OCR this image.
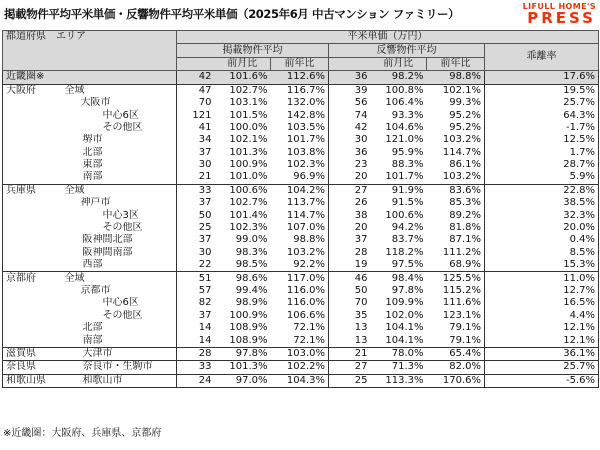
掲載物件平均平米単価・反響物件平均平米単価（2025年6月 中古マンション ファミリー）
LIFULL HOME'S
PRESS
都道府県　エリア		平米単価（万円）						
		掲載物件平均			反響物件平均			乖離率
			前月比	前年比		前月比	前年比	
近畿圏※		42	101.6%	112.6%	36	98.2%	98.8%	17.6%
大阪府	全域	47	102.7%	116.7%	39	100.8%	102.1%	19.5%
	大阪市	70	103.1%	132.0%	56	106.4%	99.3%	25.7%
	中心6区	121	101.5%	142.8%	74	93.3%	95.2%	64.3%
	その他区	41	100.0%	103.5%	42	104.6%	95.2%	-1.7%
	堺市	34	102.1%	101.7%	30	121.0%	103.2%	12.5%
	北部	37	101.3%	103.8%	36	95.9%	114.7%	1.7%
	東部	30	100.9%	102.3%	23	88.3%	86.1%	28.7%
	南部	21	101.0%	96.9%	20	101.7%	103.2%	5.9%
兵庫県	全域	33	100.6%	104.2%	27	91.9%	83.6%	22.8%
	神戸市	37	102.7%	113.7%	26	91.5%	85.3%	38.5%
	中心3区	50	101.4%	114.7%	38	100.6%	89.2%	32.3%
	その他区	25	102.3%	107.0%	20	94.2%	81.8%	20.0%
	阪神間北部	37	99.0%	98.8%	37	83.7%	87.1%	0.4%
	阪神間南部	30	98.3%	103.2%	28	118.2%	111.2%	8.5%
	西部	22	98.5%	92.2%	19	97.5%	68.9%	15.3%
京都府	全域	51	98.6%	117.0%	46	98.4%	125.5%	11.0%
	京都市	57	99.4%	116.0%	50	97.8%	115.2%	12.7%
	中心6区	82	98.9%	116.0%	70	109.9%	111.6%	16.5%
	その他区	37	100.9%	106.6%	35	102.0%	123.1%	4.4%
	北部	14	108.9%	72.1%	13	104.1%	79.1%	12.1%
	南部	14	108.9%	72.1%	13	104.1%	79.1%	12.1%
滋賀県	大津市	28	97.8%	103.0%	21	78.0%	65.4%	36.1%
奈良県	奈良市・生駒市	33	101.3%	102.2%	27	71.3%	82.0%	25.7%
和歌山県	和歌山市	24	97.0%	104.3%	25	113.3%	170.6%	-5.6%
※近畿圏：大阪府、兵庫県、京都府
